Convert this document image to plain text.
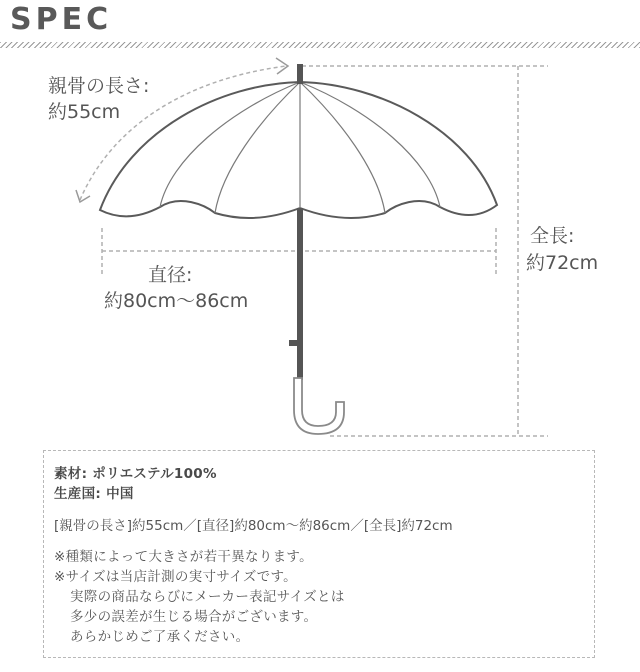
SPEC
親骨の長さ:
約55cm
直径:
約80cm～86cm
全長:
約72cm
素材: ポリエステル100%
生産国: 中国
[親骨の長さ]約55cm／[直径]約80cm～約86cm／[全長]約72cm
※種類によって大きさが若干異なります。
※サイズは当店計測の実寸サイズです。
実際の商品ならびにメーカー表記サイズとは
多少の誤差が生じる場合がございます。
あらかじめご了承ください。
